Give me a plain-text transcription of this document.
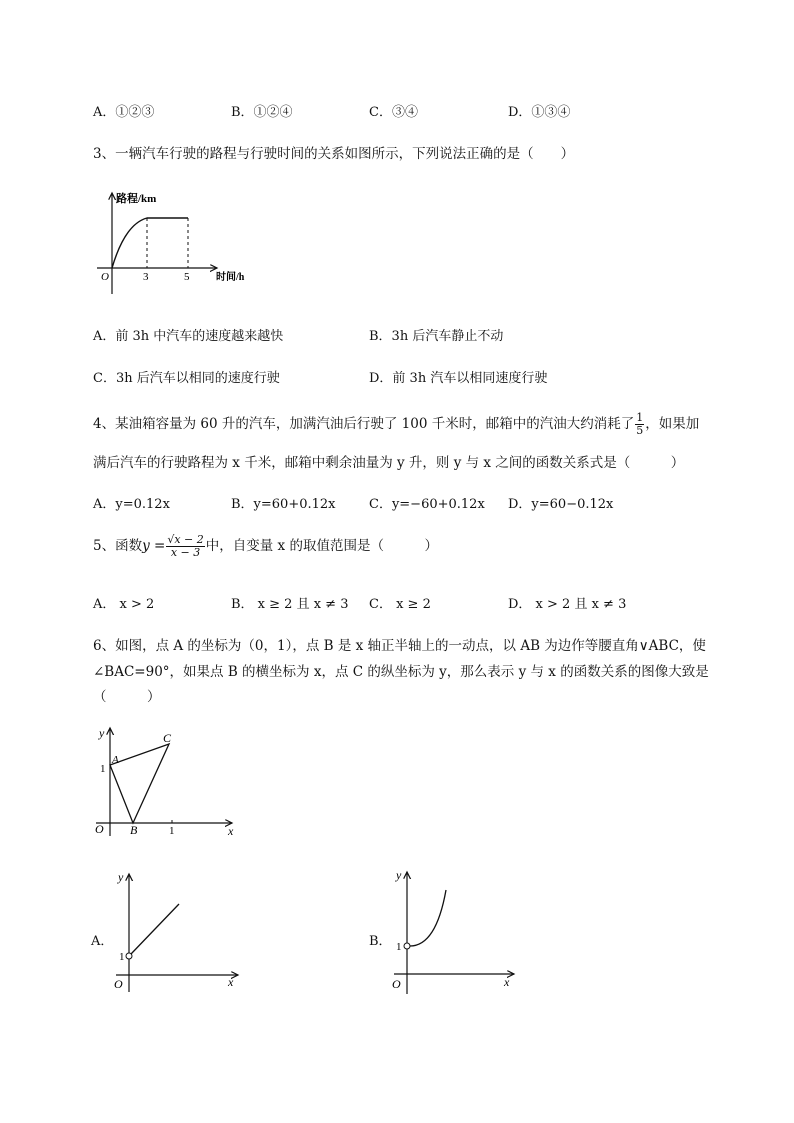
A．①②③	B．①②④	C．③④	D．①③④
3、一辆汽车行驶的路程与行驶时间的关系如图所示，下列说法正确的是（　　）
路程/km
时间/h
O	3	5
A．前 3h 中汽车的速度越来越快	B．3h 后汽车静止不动
C．3h 后汽车以相同的速度行驶	D．前 3h 汽车以相同速度行驶
4、某油箱容量为 60 升的汽车，加满汽油后行驶了 100 千米时，邮箱中的汽油大约消耗了 $\frac{1}{5}$ ，如果加
满后汽车的行驶路程为 x 千米，邮箱中剩余油量为 y 升，则 y 与 x 之间的函数关系式是（　　　）
A．y=0.12x	B．y=60+0.12x	C．y=−60+0.12x D．y=60−0.12x
5、函数$y = \frac{√x - 2}{x - 3}$ 中，自变量 x 的取值范围是（　　　）
A． x > 2	B． x ≥ 2 且 x ≠ 3 C． x ≥ 2	D． x > 2 且 x ≠ 3
6、如图，点 A 的坐标为（0，1），点 B 是 x 轴正半轴上的一动点，以 AB 为边作等腰直角∨ABC，使
∠BAC=90°，如果点 B 的横坐标为 x，点 C 的纵坐标为 y，那么表示 y 与 x 的函数关系的图像大致是
（　　　）
y
x
O
A
B
C
1
1
A．
y
x
O
1
B．
y
x
O
1
